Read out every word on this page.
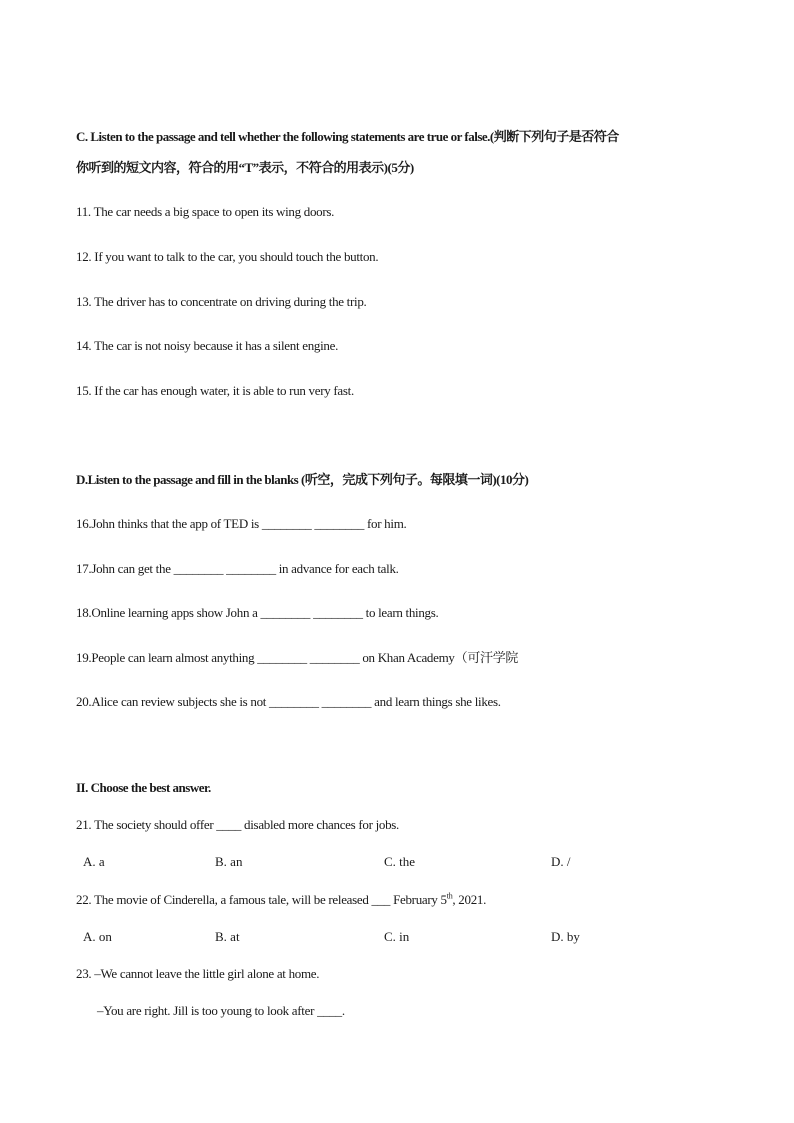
C. Listen to the passage and tell whether the following statements are true or false.(判断下列句子是否符合
你听到的短文内容，符合的用“T”表示，不符合的用表示)(5分)
11. The car needs a big space to open its wing doors.
12. If you want to talk to the car, you should touch the button.
13. The driver has to concentrate on driving during the trip.
14. The car is not noisy because it has a silent engine.
15. If the car has enough water, it is able to run very fast.
D.Listen to the passage and fill in the blanks (听空，完成下列句子。每限填一词)(10分)
16.John thinks that the app of TED is ________ ________ for him.
17.John can get the ________ ________ in advance for each talk.
18.Online learning apps show John a ________ ________ to learn things.
19.People can learn almost anything ________ ________ on Khan Academy（可汗学院
20.Alice can review subjects she is not ________ ________ and learn things she likes.
II. Choose the best answer.
21. The society should offer ____ disabled more chances for jobs.
A. a	B. an	C. the	D. /
22. The movie of Cinderella, a famous tale, will be released ___ February 5th, 2021.
A. on	B. at	C. in	D. by
23. –We cannot leave the little girl alone at home.
–You are right. Jill is too young to look after ____.
